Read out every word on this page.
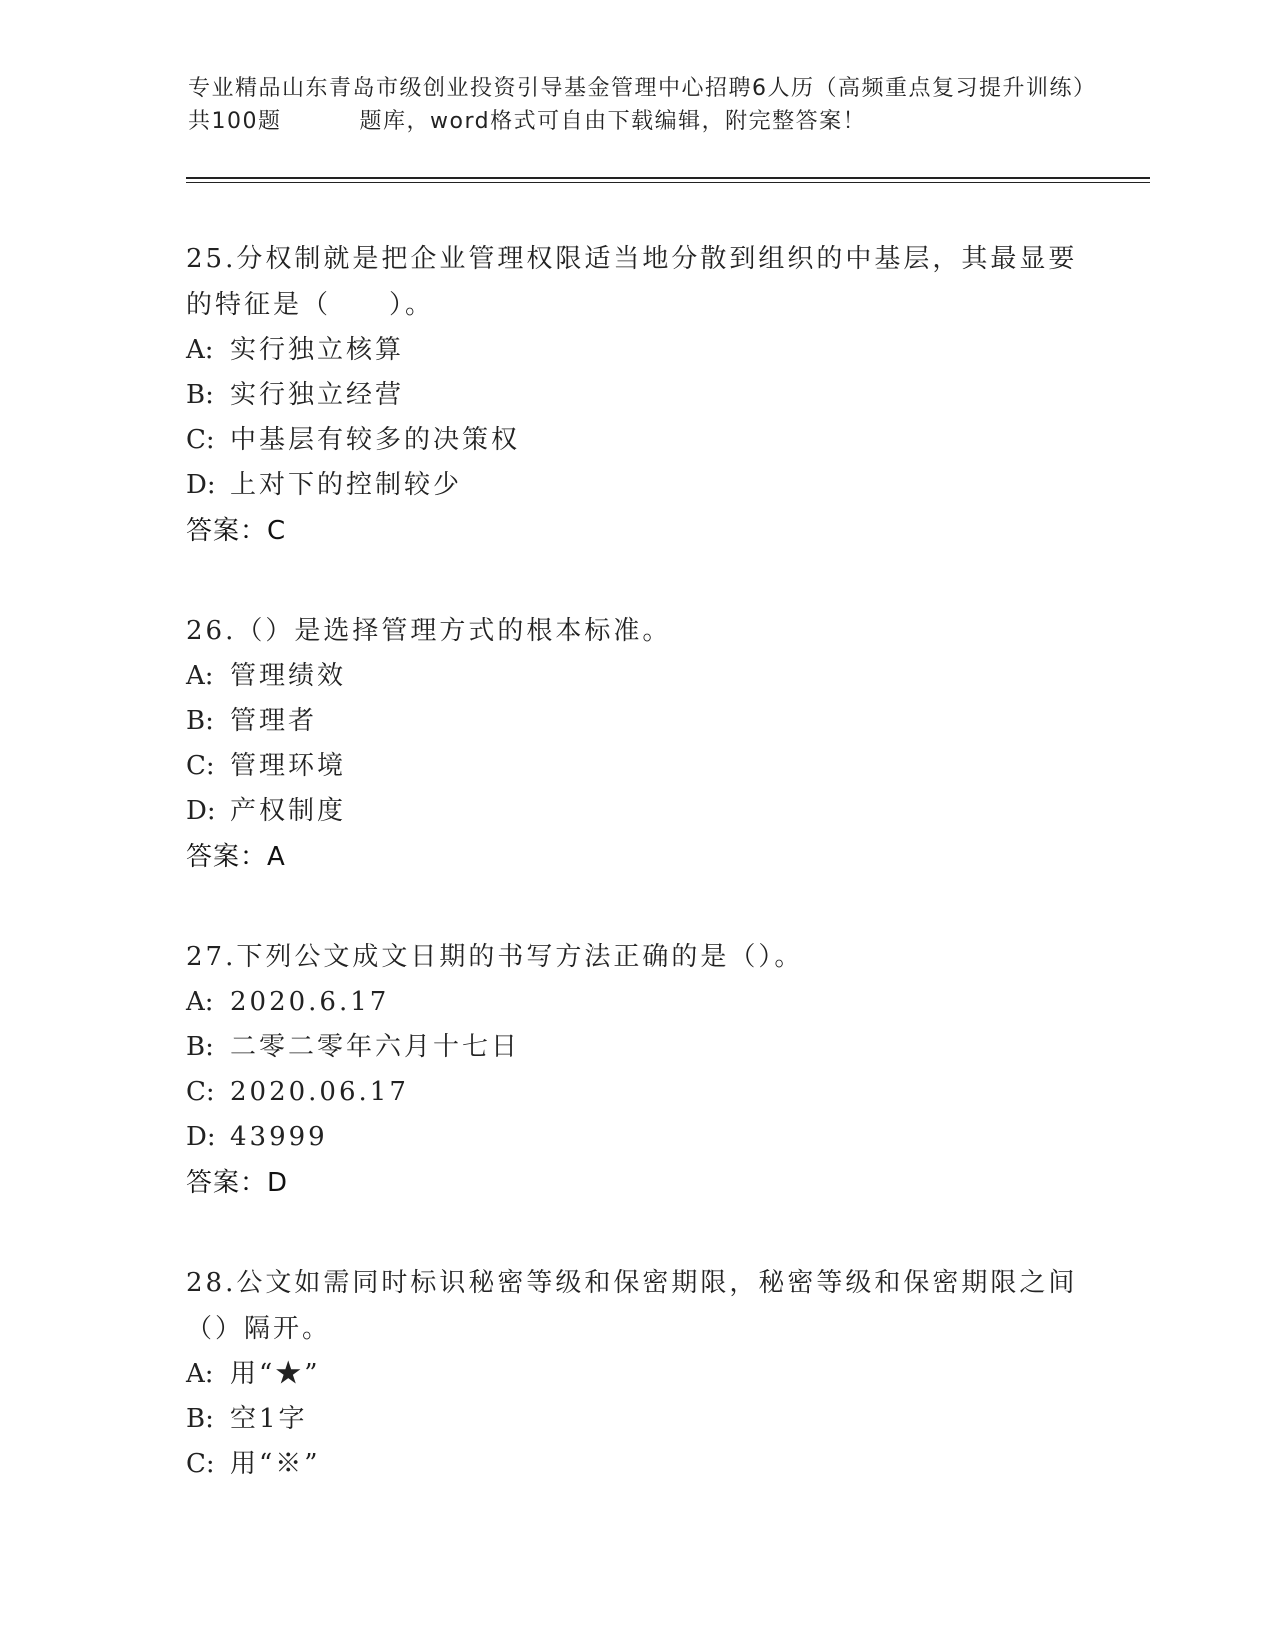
专业精品山东青岛市级创业投资引导基金管理中心招聘6人历（高频重点复习提升训练）共100题	题库，word格式可自由下载编辑，附完整答案！
25.分权制就是把企业管理权限适当地分散到组织的中基层，其最显要的特征是（　　）。
A: 实行独立核算
B: 实行独立经营
C: 中基层有较多的决策权
D: 上对下的控制较少
答案：C
26.（）是选择管理方式的根本标准。
A: 管理绩效
B: 管理者
C: 管理环境
D: 产权制度
答案：A
27.下列公文成文日期的书写方法正确的是（）。
A: 2020.6.17
B: 二零二零年六月十七日
C: 2020.06.17
D: 43999
答案：D
28.公文如需同时标识秘密等级和保密期限，秘密等级和保密期限之间（）隔开。
A: 用“★”
B: 空1字
C: 用“※”
